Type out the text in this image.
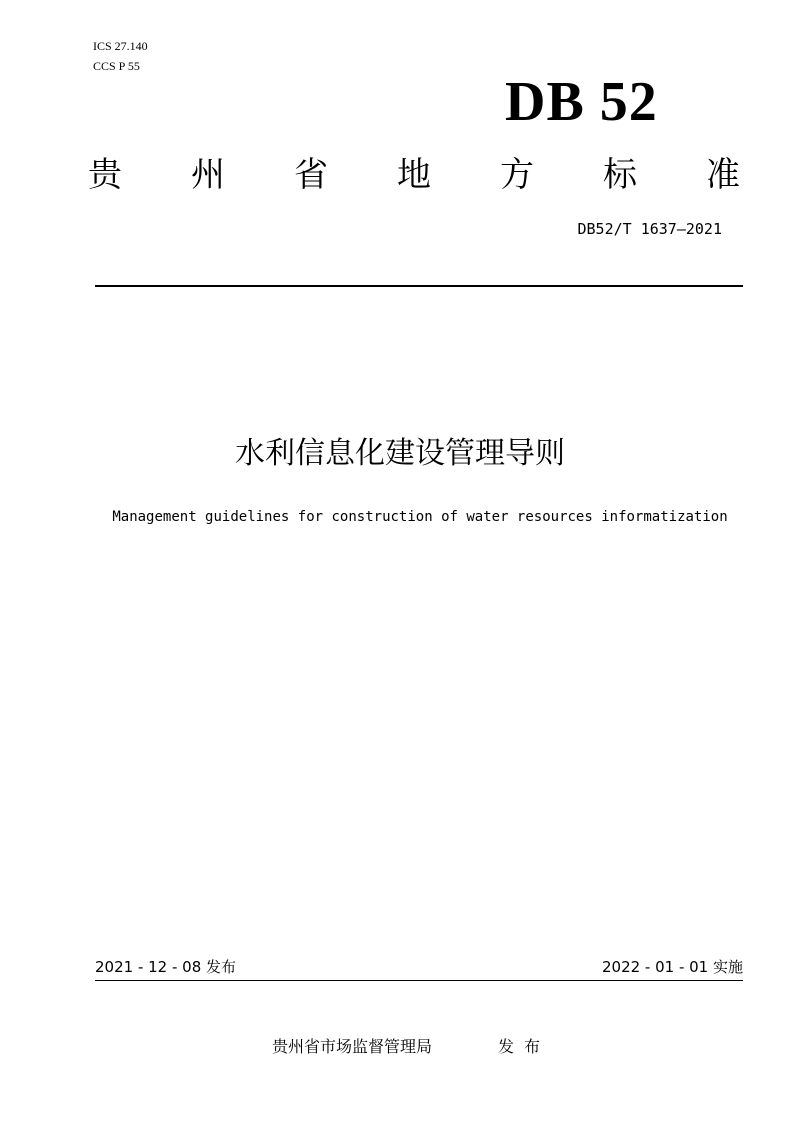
ICS 27.140
CCS P 55
DB 52
贵 州 省 地 方 标 准
DB52/T 1637—2021
水利信息化建设管理导则
Management guidelines for construction of water resources informatization
2021 - 12 - 08 发布	2022 - 01 - 01 实施
贵州省市场监督管理局	发布
